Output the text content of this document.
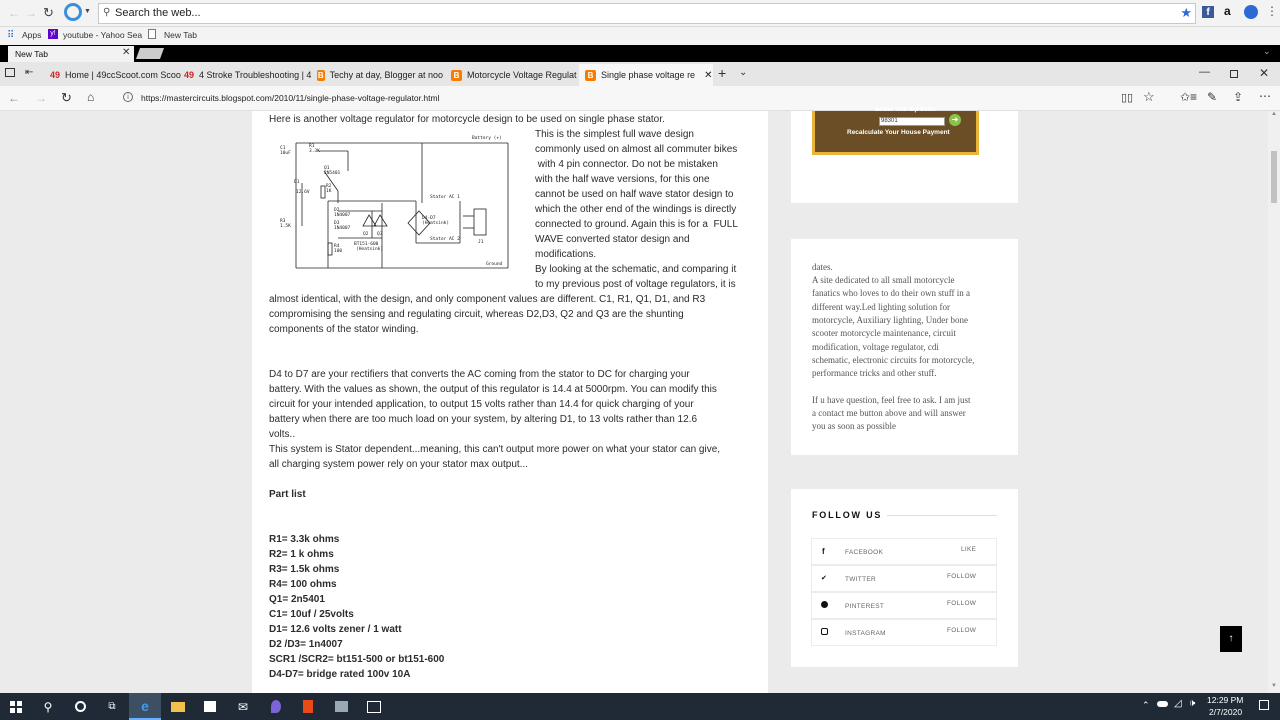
← → ↻	▼ ⚲ Search the web...	★	f	a	⋮
⠿ Apps	y! youtube - Yahoo Sea	New Tab
⌄
New Tab	✕
⇤ 49 Home | 49ccScoot.com Scoo 49 4 Stroke Troubleshooting | 4 B Techy at day, Blogger at noo	B Motorcycle Voltage Regulat	B Single phase voltage re ✕ + ⌄	—	✕
← → ↻ ⌂	i	https://mastercircuits.blogspot.com/2010/11/single-phase-voltage-regulator.html	▯▯ ☆ ✩≡ ✎ ⇪ ⋯
Here is another voltage regulator for motorcycle design to be used on single phase stator.
Battery (+)
Ground
C1
10uF
R1
3.3K
Q1
2N5401
D1
12.6V
R2
1K
D2
1N4007
D3
1N4007
R3
1.5K
R4
100
BT151-600
(Heatsink)
D4-D7
(Heatsink)
Stator AC 1
Stator AC 2
Q2 Q3
J1
This is the simplest full wave design
commonly used on almost all commuter bikes
with 4 pin connector. Do not be mistaken
with the half wave versions, for this one
cannot be used on half wave stator design to
which the other end of the windings is directly
connected to ground. Again this is for a  FULL
WAVE converted stator design and
modifications.
By looking at the schematic, and comparing it
to my previous post of voltage regulators, it is
almost identical, with the design, and only component values are different. C1, R1, Q1, D1, and R3
compromising the sensing and regulating circuit, whereas D2,D3, Q2 and Q3 are the shunting
components of the stator winding.
D4 to D7 are your rectifiers that converts the AC coming from the stator to DC for charging your
battery. With the values as shown, the output of this regulator is 14.4 at 5000rpm. You can modify this
circuit for your intended application, to output 15 volts rather than 14.4 for quick charging of your
battery when there are too much load on your system, by altering D1, to 13 volts rather than 12.6
volts..
This system is Stator dependent...meaning, this can't output more power on what your stator can give,
all charging system power rely on your stator max output...
Part list
R1= 3.3k ohms
R2= 1 k ohms
R3= 1.5k ohms
R4= 100 ohms
Q1= 2n5401
C1= 10uf / 25volts
D1= 12.6 volts zener / 1 watt
D2 /D3= 1n4007
SCR1 /SCR2= bt151-500 or bt151-600
D4-D7= bridge rated 100v 10A
Select Your Zip Code:
98301	➜
Recalculate Your House Payment
dates.
A site dedicated to all small motorcycle
fanatics who loves to do their own stuff in a
different way.Led lighting solution for
motorcycle, Auxiliary lighting, Under bone
scooter motorcycle maintenance, circuit
modification, voltage regulator, cdi
schematic, electronic circuits for motorcycle,
performance tricks and other stuff.
If u have question, feel free to ask. I am just
a contact me button above and will answer
you as soon as possible
FOLLOW US
f	FACEBOOK	LIKE
✔	TWITTER	FOLLOW
PINTEREST	FOLLOW
INSTAGRAM	FOLLOW
↑
▲
▼
⚲	⧉ e	✉	⌃ ◿ 🕩 12:29 PM
2/7/2020
